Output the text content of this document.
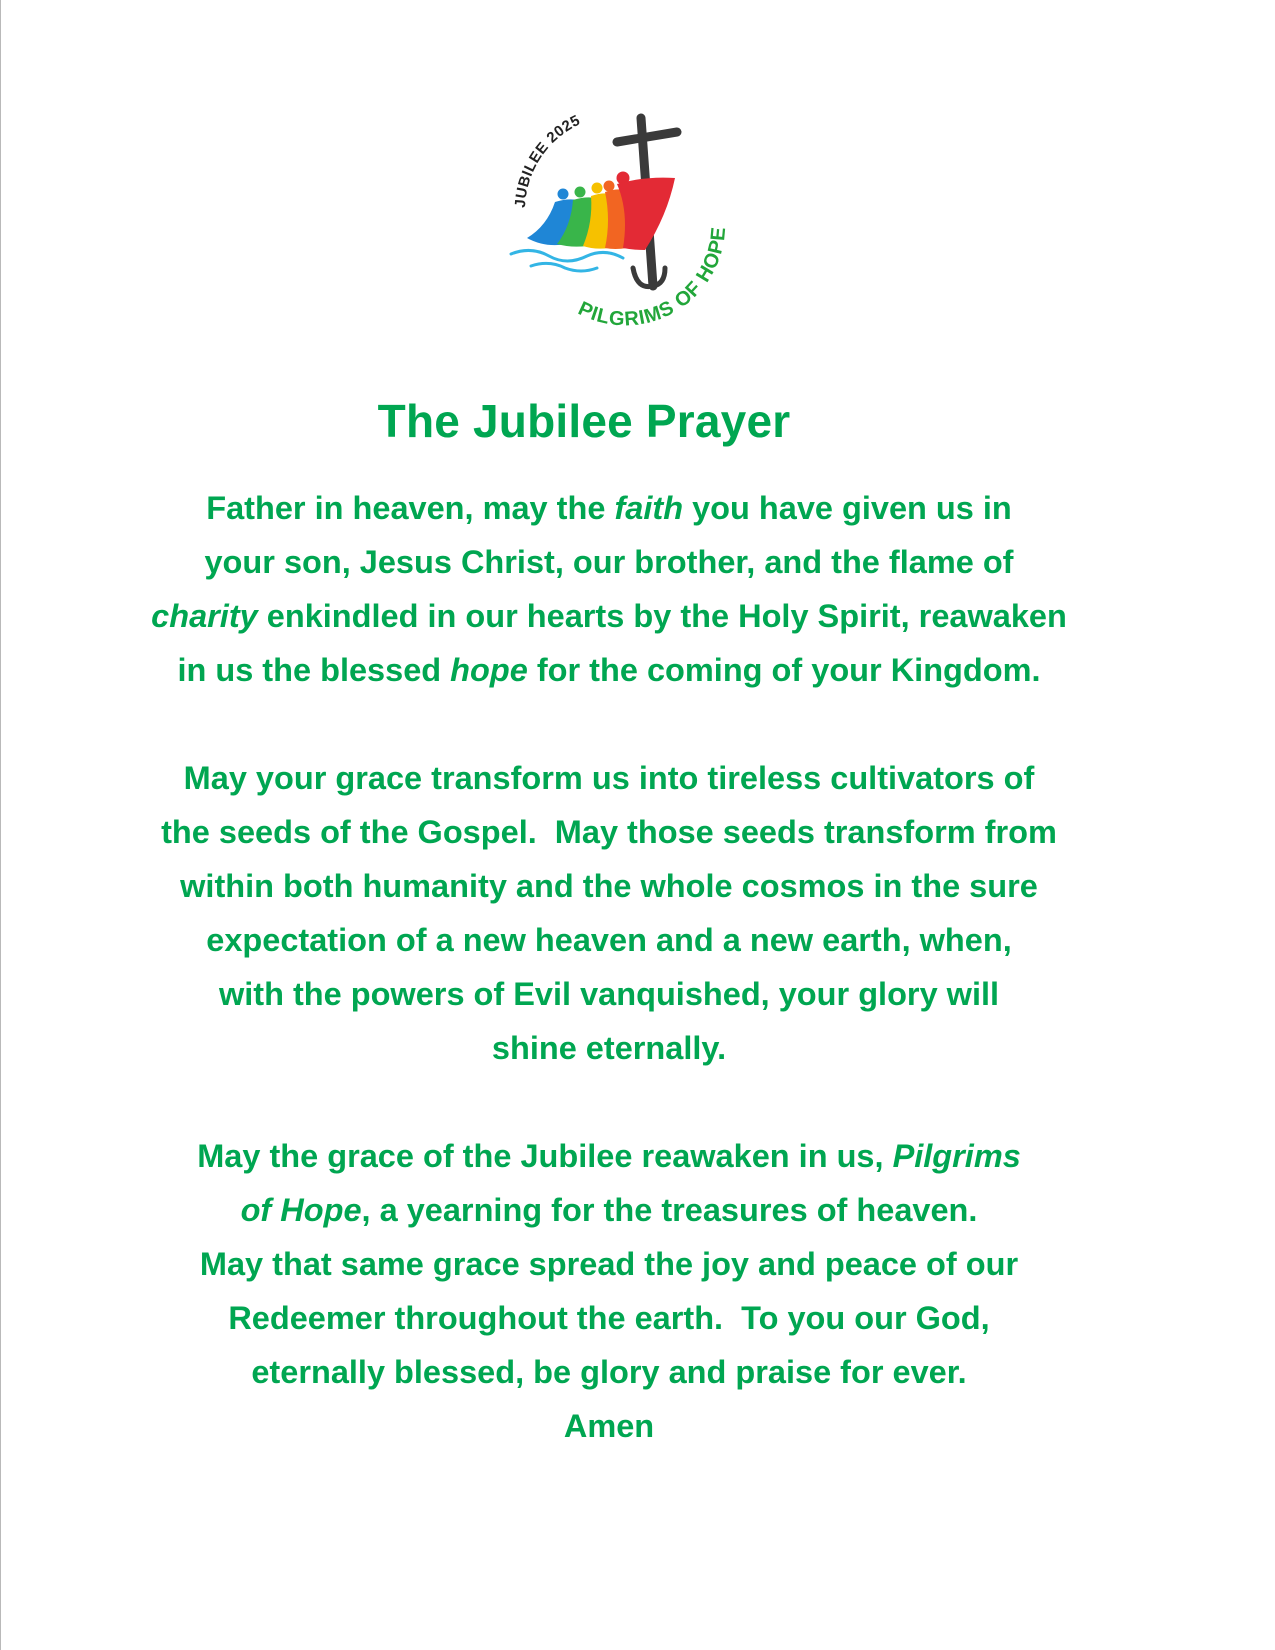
JUBILEE 2025
PILGRIMS OF HOPE
The Jubilee Prayer
Father in heaven, may the faith you have given us in
your son, Jesus Christ, our brother, and the flame of
charity enkindled in our hearts by the Holy Spirit, reawaken
in us the blessed hope for the coming of your Kingdom.
May your grace transform us into tireless cultivators of
the seeds of the Gospel.  May those seeds transform from
within both humanity and the whole cosmos in the sure
expectation of a new heaven and a new earth, when,
with the powers of Evil vanquished, your glory will
shine eternally.
May the grace of the Jubilee reawaken in us, Pilgrims
of Hope, a yearning for the treasures of heaven.
May that same grace spread the joy and peace of our
Redeemer throughout the earth.  To you our God,
eternally blessed, be glory and praise for ever.
Amen
